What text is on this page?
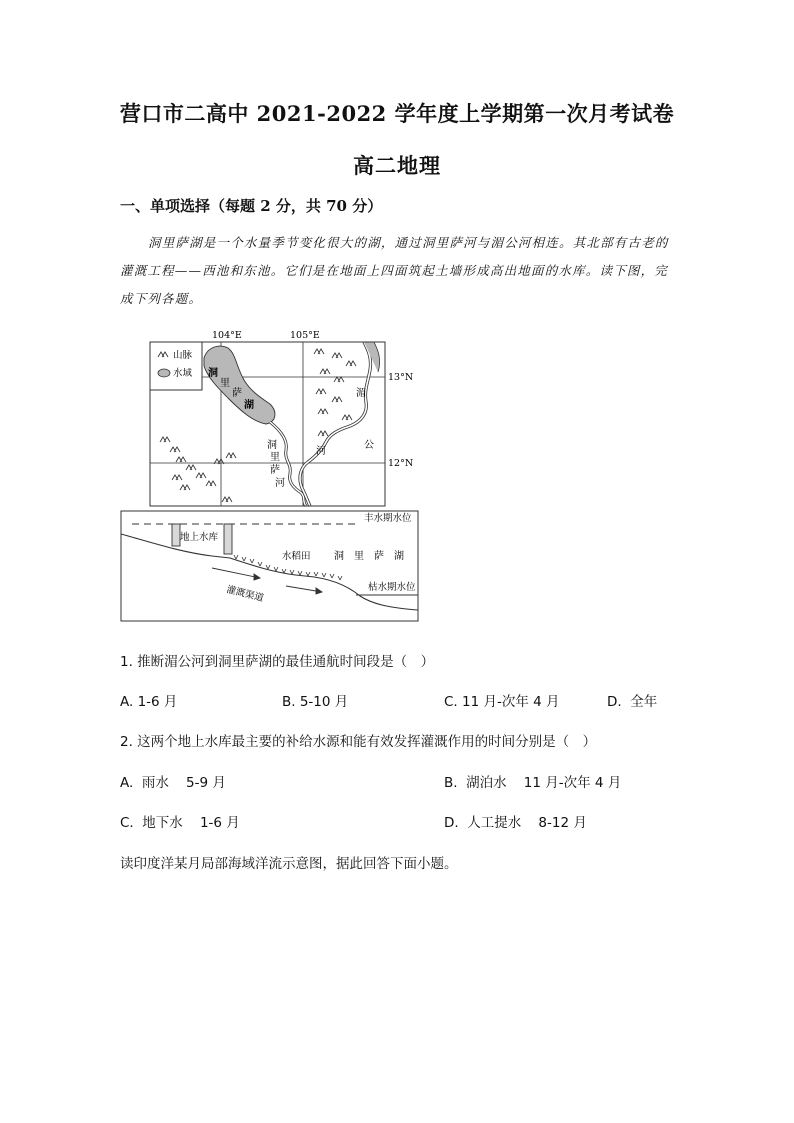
营口市二高中 2021-2022 学年度上学期第一次月考试卷
高二地理
一、单项选择（每题 2 分，共 70 分）
洞里萨湖是一个水量季节变化很大的湖，通过洞里萨河与湄公河相连。其北部有古老的
灌溉工程——西池和东池。它们是在地面上四面筑起土墙形成高出地面的水库。读下图，完
成下列各题。
104°E	105°E
13°N
12°N
洞
里
萨
湖
洞
里
萨
河
湄
公
河
山脉
水域
丰水期水位
地上水库
水稻田 洞　里　萨　湖
灌溉渠道	枯水期水位
1. 推断湄公河到洞里萨湖的最佳通航时间段是（　）
A. 1-6 月	B. 5-10 月	C. 11 月-次年 4 月	D.  全年
2. 这两个地上水库最主要的补给水源和能有效发挥灌溉作用的时间分别是（　）
A.  雨水    5-9 月	B.  湖泊水    11 月-次年 4 月
C.  地下水    1-6 月	D.  人工提水    8-12 月
读印度洋某月局部海域洋流示意图，据此回答下面小题。
